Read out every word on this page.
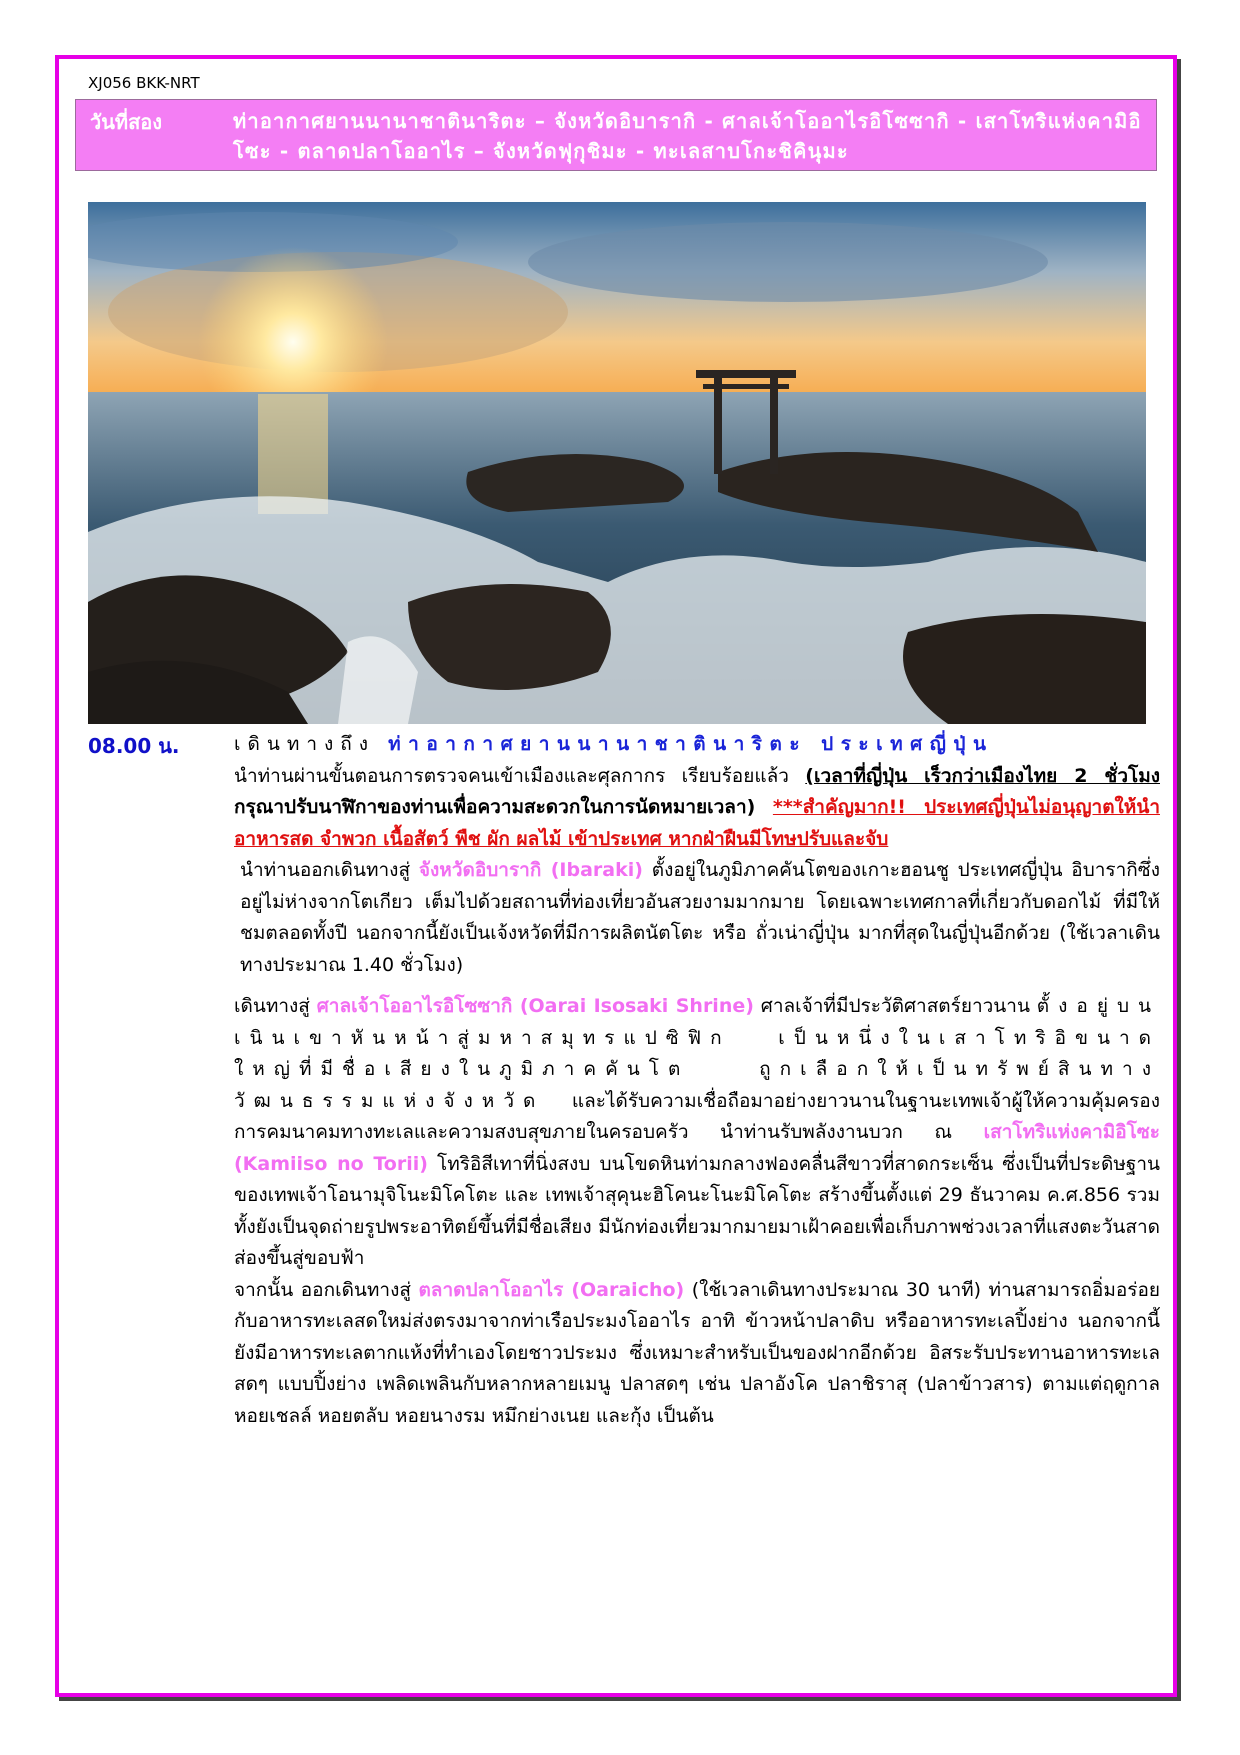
XJ056 BKK-NRT
วันที่สอง	ท่าอากาศยานนานาชาตินาริตะ – จังหวัดอิบารากิ - ศาลเจ้าโออาไรอิโซซากิ - เสาโทริแห่งคามิอิโซะ - ตลาดปลาโออาไร – จังหวัดฟุกุชิมะ - ทะเลสาบโกะชิคินุมะ
08.00 น.	เดินทางถึง ท่าอากาศยานนานาชาตินาริตะ ประเทศญี่ปุ่น

นำท่านผ่านขั้นตอนการตรวจคนเข้าเมืองและศุลกากร เรียบร้อยแล้ว (เวลาที่ญี่ปุ่น เร็วกว่าเมืองไทย 2 ชั่วโมง กรุณาปรับนาฬิกาของท่านเพื่อความสะดวกในการนัดหมายเวลา) ***สำคัญมาก!! ประเทศญี่ปุ่นไม่อนุญาตให้นำอาหารสด จำพวก เนื้อสัตว์ พืช ผัก ผลไม้ เข้าประเทศ หากฝ่าฝืนมีโทษปรับและจับ

นำท่านออกเดินทางสู่ จังหวัดอิบารากิ (Ibaraki) ตั้งอยู่ในภูมิภาคคันโตของเกาะฮอนชู ประเทศญี่ปุ่น อิบารากิซึ่งอยู่ไม่ห่างจากโตเกียว เต็มไปด้วยสถานที่ท่องเที่ยวอันสวยงามมากมาย โดยเฉพาะเทศกาลที่เกี่ยวกับดอกไม้ ที่มีให้ชมตลอดทั้งปี นอกจากนี้ยังเป็นเจ้งหวัดที่มีการผลิตนัตโตะ หรือ ถั่วเน่าญี่ปุ่น มากที่สุดในญี่ปุ่นอีกด้วย (ใช้เวลาเดินทางประมาณ 1.40 ชั่วโมง)

เดินทางสู่ ศาลเจ้าโออาไรอิโซซากิ (Oarai Isosaki Shrine) ศาลเจ้าที่มีประวัติศาสตร์ยาวนาน ตั้งอยู่บนเนินเขาหันหน้าสู่มหาสมุทรแปซิฟิก เป็นหนึ่งในเสาโทริอิขนาดใหญ่ที่มีชื่อเสียงในภูมิภาคคันโต ถูกเลือกให้เป็นทรัพย์สินทางวัฒนธรรมแห่งจังหวัด และได้รับความเชื่อถือมาอย่างยาวนานในฐานะเทพเจ้าผู้ให้ความคุ้มครองการคมนาคมทางทะเลและความสงบสุขภายในครอบครัว นำท่านรับพลังงานบวก ณ เสาโทริแห่งคามิอิโซะ (Kamiiso no Torii) โทริอิสีเทาที่นิ่งสงบ บนโขดหินท่ามกลางฟองคลื่นสีขาวที่สาดกระเซ็น ซึ่งเป็นที่ประดิษฐานของเทพเจ้าโอนามุจิโนะมิโคโตะ และ เทพเจ้าสุคุนะฮิโคนะโนะมิโคโตะ สร้างขึ้นตั้งแต่ 29 ธันวาคม ค.ศ.856 รวมทั้งยังเป็นจุดถ่ายรูปพระอาทิตย์ขึ้นที่มีชื่อเสียง มีนักท่องเที่ยวมากมายมาเฝ้าคอยเพื่อเก็บภาพช่วงเวลาที่แสงตะวันสาดส่องขึ้นสู่ขอบฟ้า

จากนั้น ออกเดินทางสู่ ตลาดปลาโออาไร (Oaraicho) (ใช้เวลาเดินทางประมาณ 30 นาที) ท่านสามารถอิ่มอร่อยกับอาหารทะเลสดใหม่ส่งตรงมาจากท่าเรือประมงโออาไร อาทิ ข้าวหน้าปลาดิบ หรืออาหารทะเลปิ้งย่าง นอกจากนี้ยังมีอาหารทะเลตากแห้งที่ทำเองโดยชาวประมง ซึ่งเหมาะสำหรับเป็นของฝากอีกด้วย อิสระรับประทานอาหารทะเลสดๆ แบบปิ้งย่าง เพลิดเพลินกับหลากหลายเมนู ปลาสดๆ เช่น ปลาอังโค ปลาชิราสุ (ปลาข้าวสาร) ตามแต่ฤดูกาล หอยเชลล์ หอยตลับ หอยนางรม หมึกย่างเนย และกุ้ง เป็นต้น
